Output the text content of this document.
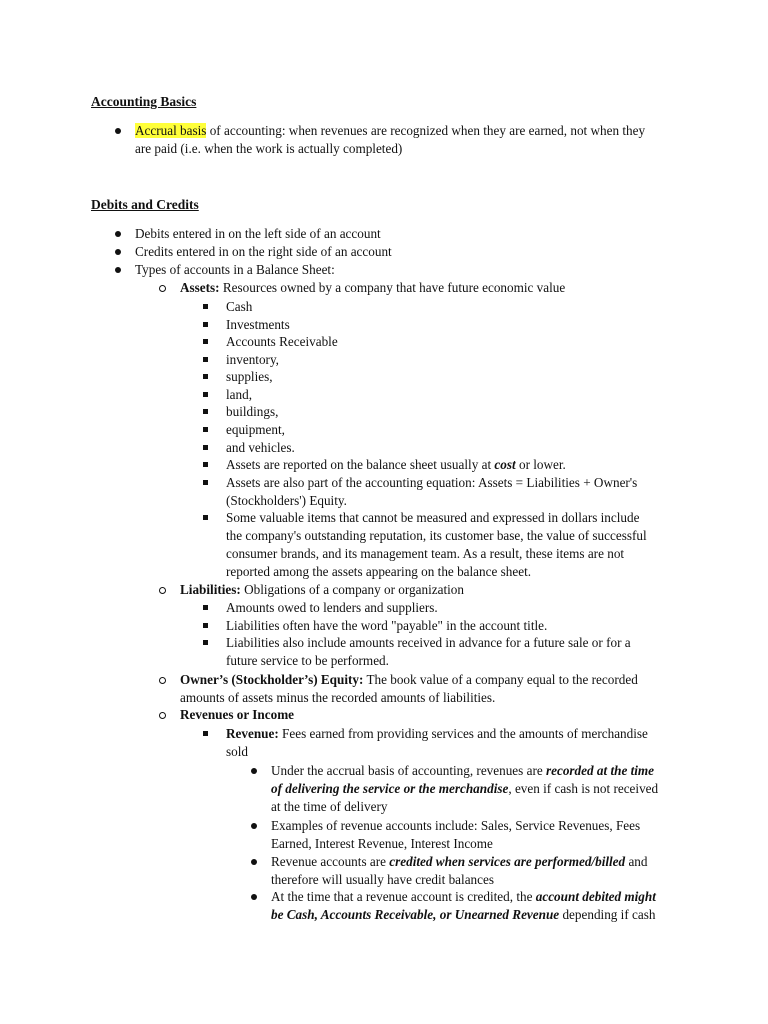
Accounting Basics
Accrual basis of accounting: when revenues are recognized when they are earned, not when they
are paid (i.e. when the work is actually completed)
Debits and Credits
Debits entered in on the left side of an account
Credits entered in on the right side of an account
Types of accounts in a Balance Sheet:
Assets: Resources owned by a company that have future economic value
Cash
Investments
Accounts Receivable
inventory,
supplies,
land,
buildings,
equipment,
and vehicles.
Assets are reported on the balance sheet usually at cost or lower.
Assets are also part of the accounting equation: Assets = Liabilities + Owner's
(Stockholders') Equity.
Some valuable items that cannot be measured and expressed in dollars include
the company's outstanding reputation, its customer base, the value of successful
consumer brands, and its management team. As a result, these items are not
reported among the assets appearing on the balance sheet.
Liabilities: Obligations of a company or organization
Amounts owed to lenders and suppliers.
Liabilities often have the word "payable" in the account title.
Liabilities also include amounts received in advance for a future sale or for a
future service to be performed.
Owner’s (Stockholder’s) Equity: The book value of a company equal to the recorded
amounts of assets minus the recorded amounts of liabilities.
Revenues or Income
Revenue: Fees earned from providing services and the amounts of merchandise
sold
Under the accrual basis of accounting, revenues are recorded at the time
of delivering the service or the merchandise, even if cash is not received
at the time of delivery
Examples of revenue accounts include: Sales, Service Revenues, Fees
Earned, Interest Revenue, Interest Income
Revenue accounts are credited when services are performed/billed and
therefore will usually have credit balances
At the time that a revenue account is credited, the account debited might
be Cash, Accounts Receivable, or Unearned Revenue depending if cash
